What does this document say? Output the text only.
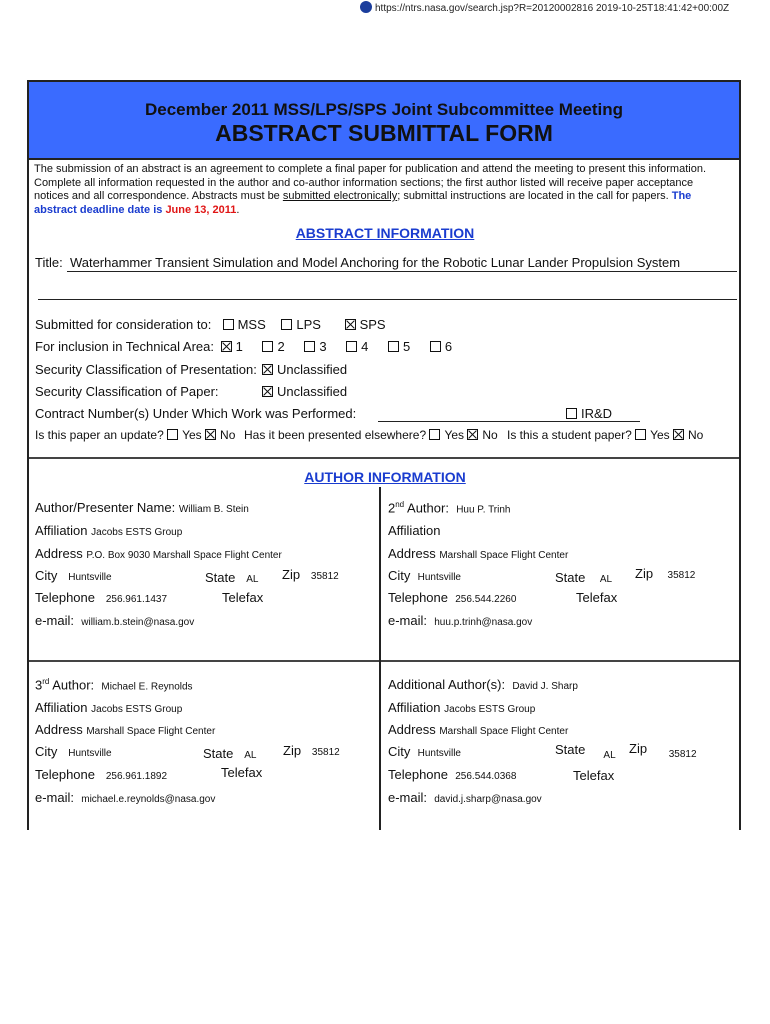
https://ntrs.nasa.gov/search.jsp?R=20120002816 2019-10-25T18:41:42+00:00Z
December 2011 MSS/LPS/SPS Joint Subcommittee Meeting
ABSTRACT SUBMITTAL FORM
The submission of an abstract is an agreement to complete a final paper for publication and attend the meeting to present this information.
Complete all information requested in the author and co-author information sections; the first author listed will receive paper acceptance
notices and all correspondence. Abstracts must be submitted electronically; submittal instructions are located in the call for papers. The
abstract deadline date is June 13, 2011.
ABSTRACT INFORMATION
Title: Waterhammer Transient Simulation and Model Anchoring for the Robotic Lunar Lander Propulsion System
Submitted for consideration to: MSS LPS	SPS
For inclusion in Technical Area: 1	2	3	4	5	6
Security Classification of Presentation:	Unclassified
Security Classification of Paper:	Unclassified
Contract Number(s) Under Which Work was Performed:	IR&D
Is this paper an update? Yes No Has it been presented elsewhere? Yes No Is this a student paper? Yes No
AUTHOR INFORMATION
Author/Presenter Name: William B. Stein
Affiliation Jacobs ESTS Group
Address P.O. Box 9030 Marshall Space Flight Center
City Huntsville	State AL Zip 35812
Telephone 256.961.1437	Telefax
e-mail: william.b.stein@nasa.gov
2nd Author: Huu P. Trinh
Affiliation
Address Marshall Space Flight Center
City Huntsville	State AL Zip 35812
Telephone 256.544.2260	Telefax
e-mail: huu.p.trinh@nasa.gov
3rd Author: Michael E. Reynolds
Affiliation Jacobs ESTS Group
Address Marshall Space Flight Center
City Huntsville	State AL Zip 35812
Telephone 256.961.1892	Telefax
e-mail: michael.e.reynolds@nasa.gov
Additional Author(s): David J. Sharp
Affiliation Jacobs ESTS Group
Address Marshall Space Flight Center
City Huntsville	State $_{AL}$ Zip $_{35812}$
Telephone 256.544.0368	Telefax
e-mail: david.j.sharp@nasa.gov
